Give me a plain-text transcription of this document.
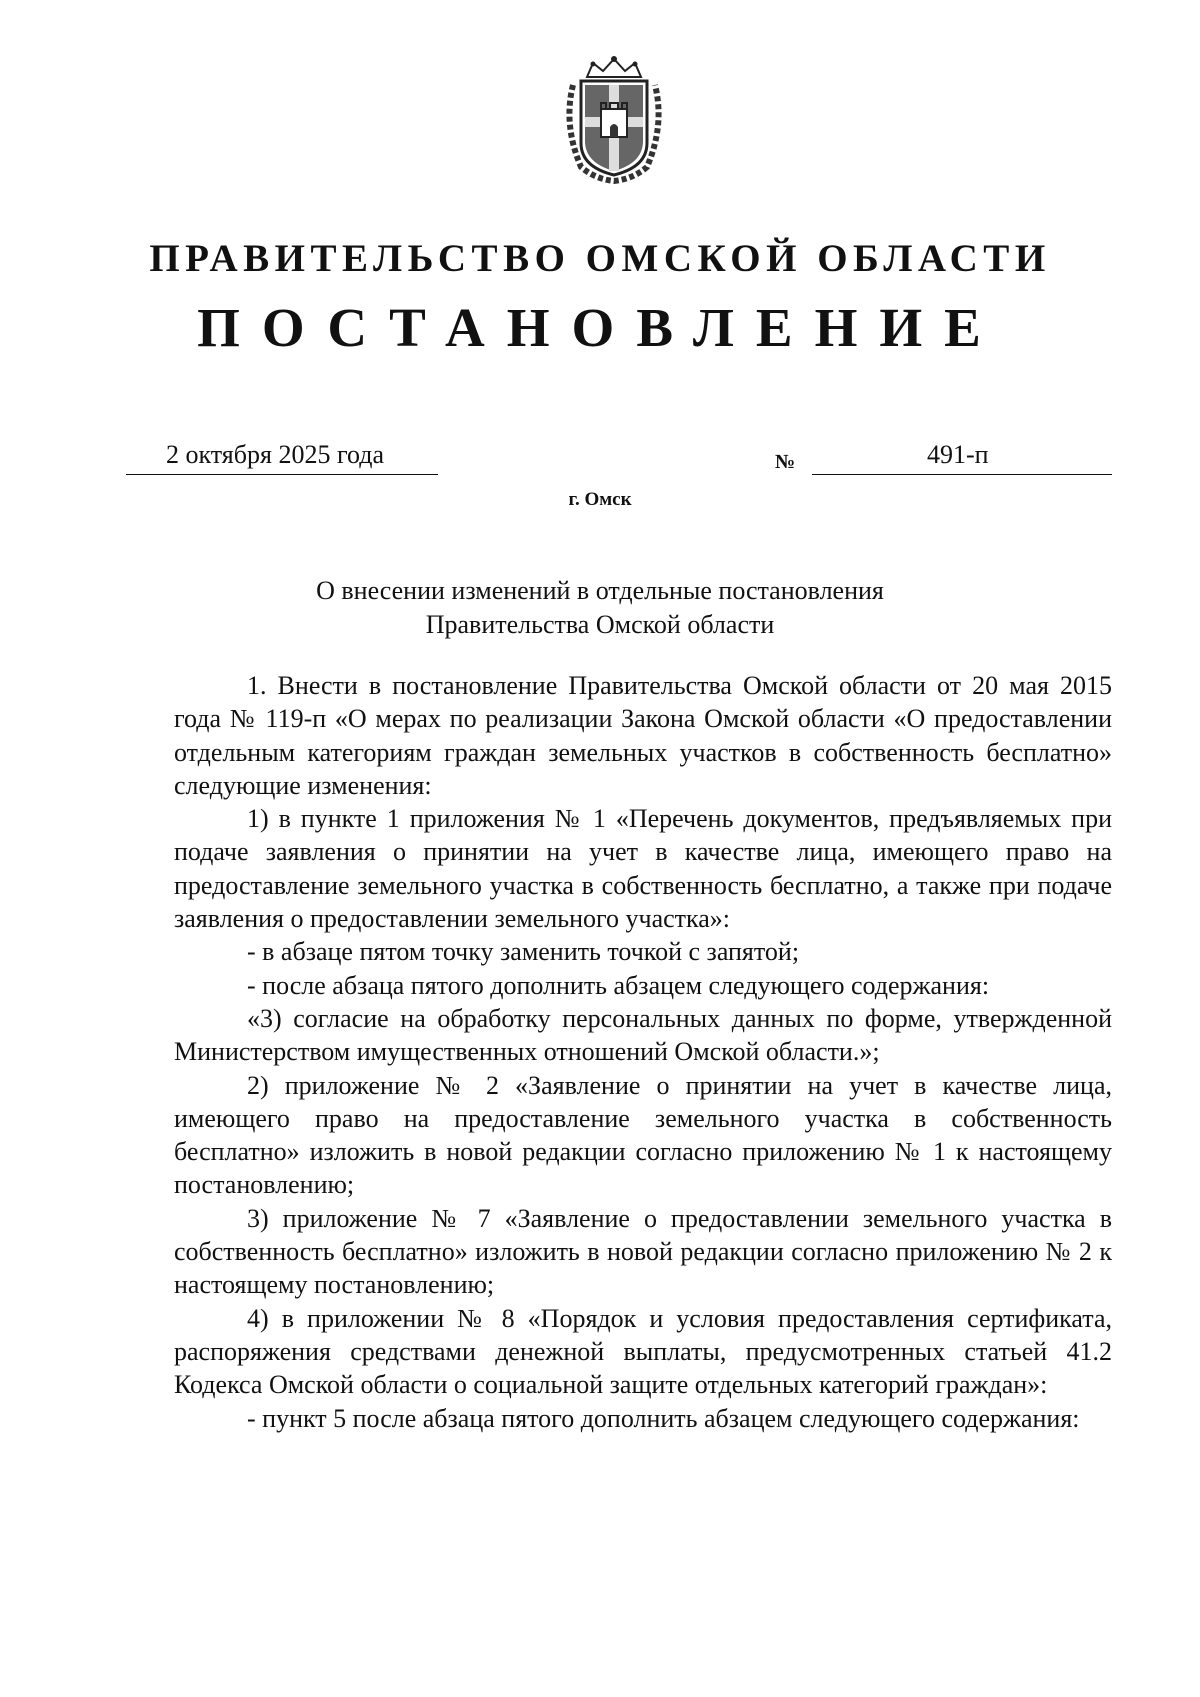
ПРАВИТЕЛЬСТВО ОМСКОЙ ОБЛАСТИ
ПОСТАНОВЛЕНИЕ
2 октября 2025 года	№	491-п
г. Омск
О внесении изменений в отдельные постановления
Правительства Омской области

1. Внести в постановление Правительства Омской области от 20 мая 2015 года № 119-п «О мерах по реализации Закона Омской области «О предоставлении отдельным категориям граждан земельных участков в собственность бесплатно» следующие изменения:

1) в пункте 1 приложения № 1 «Перечень документов, предъявляемых при подаче заявления о принятии на учет в качестве лица, имеющего право на предоставление земельного участка в собственность бесплатно, а также при подаче заявления о предоставлении земельного участка»:

- в абзаце пятом точку заменить точкой с запятой;

- после абзаца пятого дополнить абзацем следующего содержания:

«3) согласие на обработку персональных данных по форме, утвержденной Министерством имущественных отношений Омской области.»;

2) приложение № 2 «Заявление о принятии на учет в качестве лица, имеющего право на предоставление земельного участка в собственность бесплатно» изложить в новой редакции согласно приложению № 1 к настоящему постановлению;

3) приложение № 7 «Заявление о предоставлении земельного участка в собственность бесплатно» изложить в новой редакции согласно приложению № 2 к настоящему постановлению;

4) в приложении № 8 «Порядок и условия предоставления сертификата, распоряжения средствами денежной выплаты, предусмотренных статьей 41.2 Кодекса Омской области о социальной защите отдельных категорий граждан»:

- пункт 5 после абзаца пятого дополнить абзацем следующего содержания:
